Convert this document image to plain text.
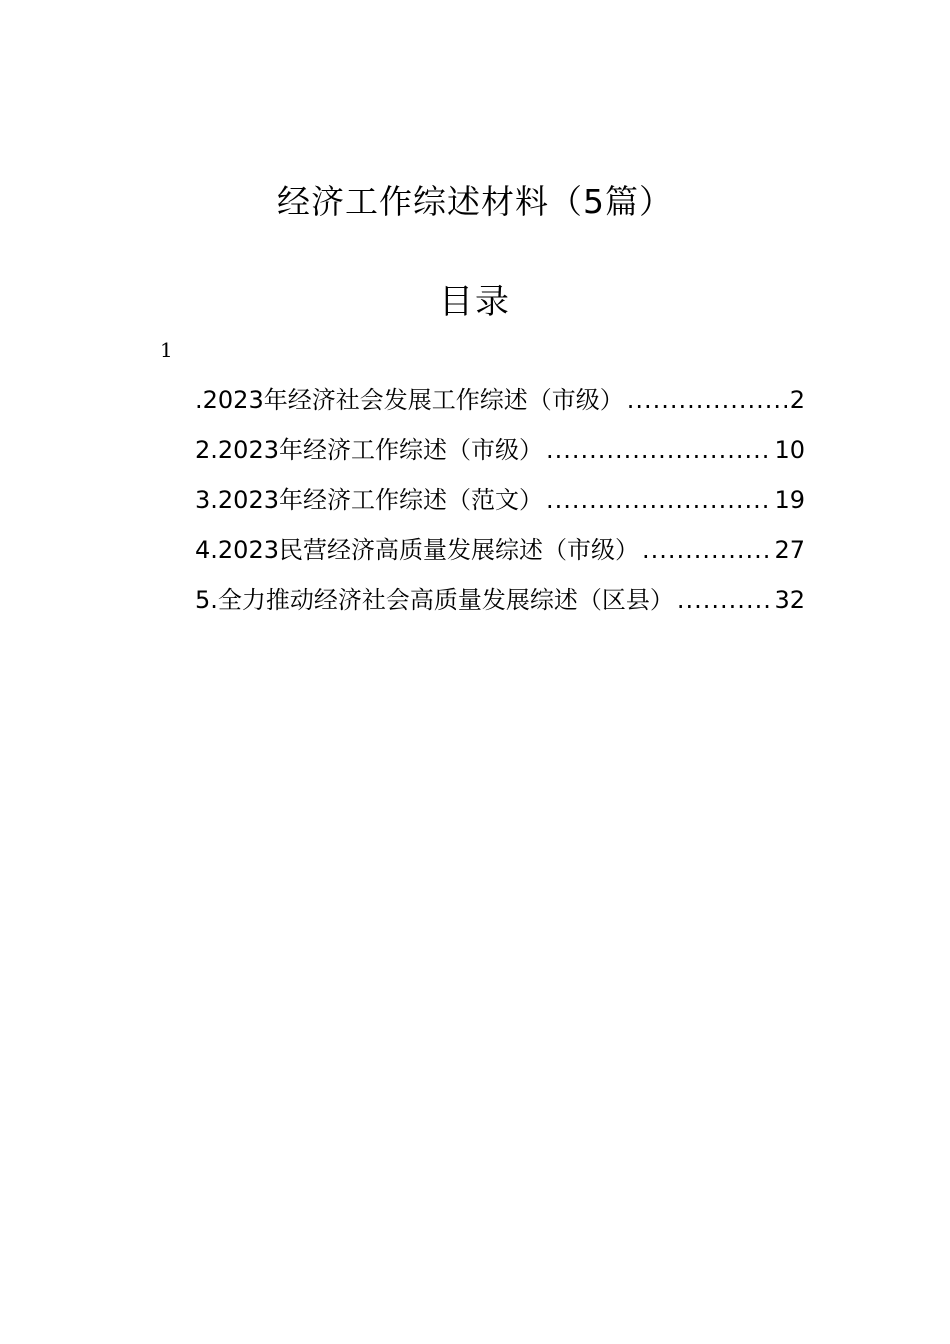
经济工作综述材料（5篇）
目录
1
.2023年经济社会发展工作综述（市级） .....	2
2.2023年经济工作综述（市级） .....	10
3.2023年经济工作综述（范文） .....	19
4.2023民营经济高质量发展综述（市级） .....	27
5.全力推动经济社会高质量发展综述（区县） .....	32
